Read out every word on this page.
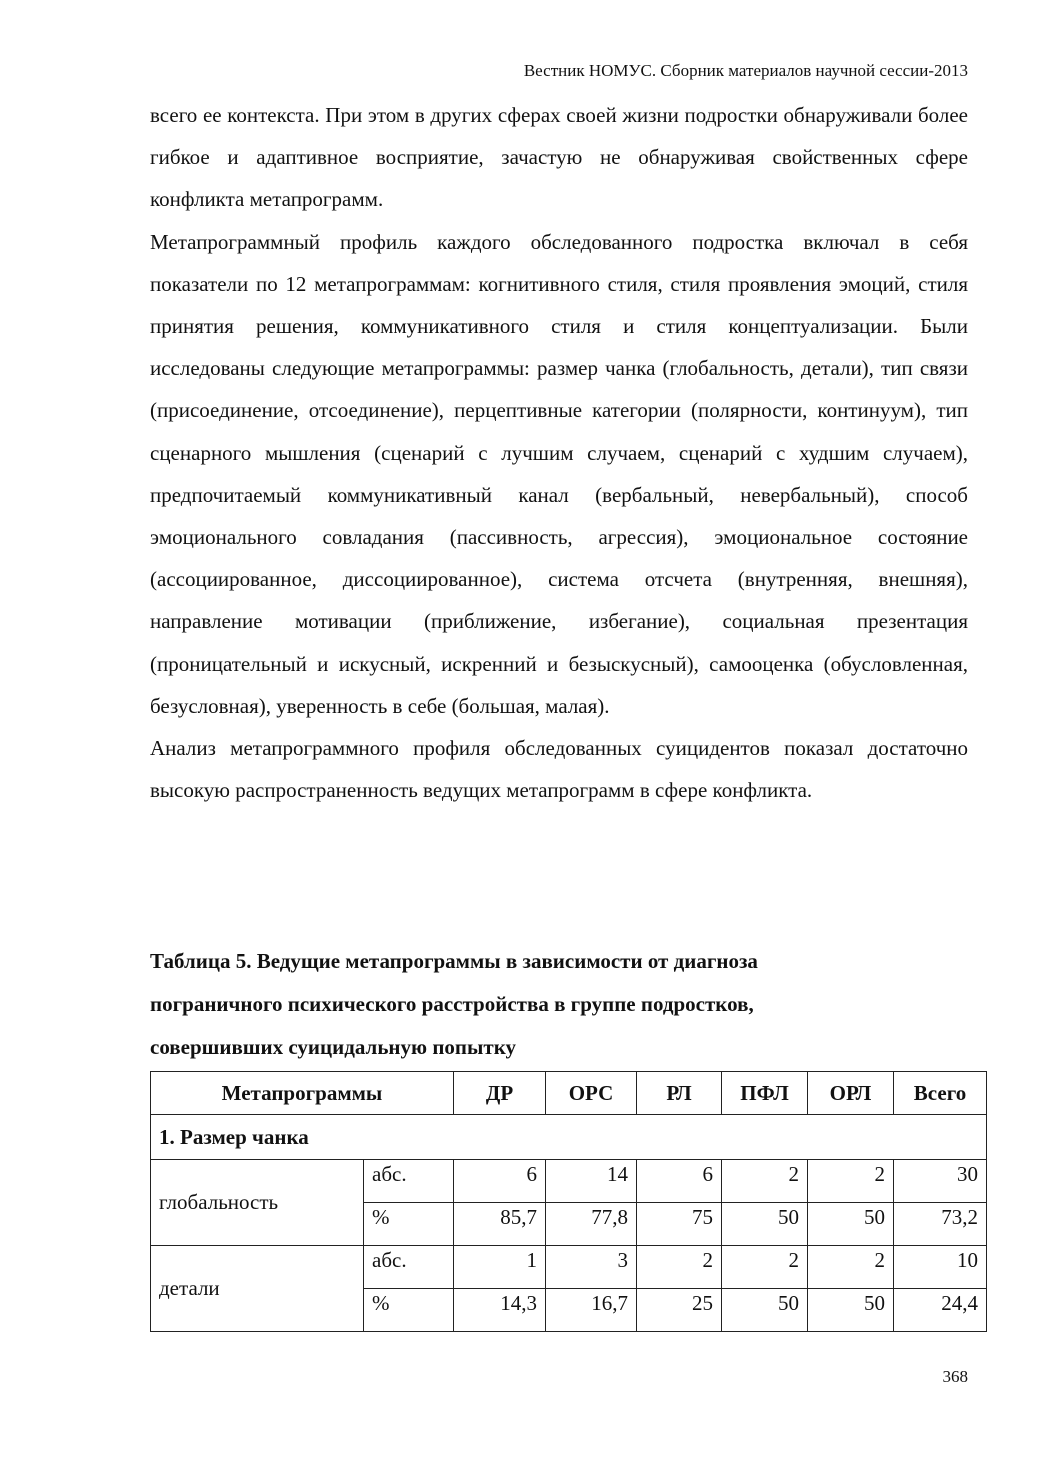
Вестник НОМУС. Сборник материалов научной сессии-2013

всего ее контекста. При этом в других сферах своей жизни подростки обнаруживали более гибкое и адаптивное восприятие, зачастую не обнаруживая свойственных сфере конфликта метапрограмм.

Метапрограммный профиль каждого обследованного подростка включал в себя показатели по 12 метапрограммам: когнитивного стиля, стиля проявления эмоций, стиля принятия решения, коммуникативного стиля и стиля концептуализации. Были исследованы следующие метапрограммы: размер чанка (глобальность, детали), тип связи (присоединение, отсоединение), перцептивные категории (полярности, континуум), тип сценарного мышления (сценарий с лучшим случаем, сценарий с худшим случаем), предпочитаемый коммуникативный канал (вербальный, невербальный), способ эмоционального совладания (пассивность, агрессия), эмоциональное состояние (ассоциированное, диссоциированное), система отсчета (внутренняя, внешняя), направление мотивации (приближение, избегание), социальная презентация (проницательный и искусный, искренний и безыскусный), самооценка (обусловленная, безусловная), уверенность в себе (большая, малая).

Анализ метапрограммного профиля обследованных суицидентов показал достаточно высокую распространенность ведущих метапрограмм в сфере конфликта.

Таблица 5. Ведущие метапрограммы в зависимости от диагноза
пограничного психического расстройства в группе подростков,
совершивших суицидальную попытку
Метапрограммы		ДР	ОРС	РЛ	ПФЛ	ОРЛ	Всего
1. Размер чанка							
глобальность	абс.	6	14	6	2	2	30
	%	85,7	77,8	75	50	50	73,2
детали	абс.	1	3	2	2	2	10
	%	14,3	16,7	25	50	50	24,4
368
